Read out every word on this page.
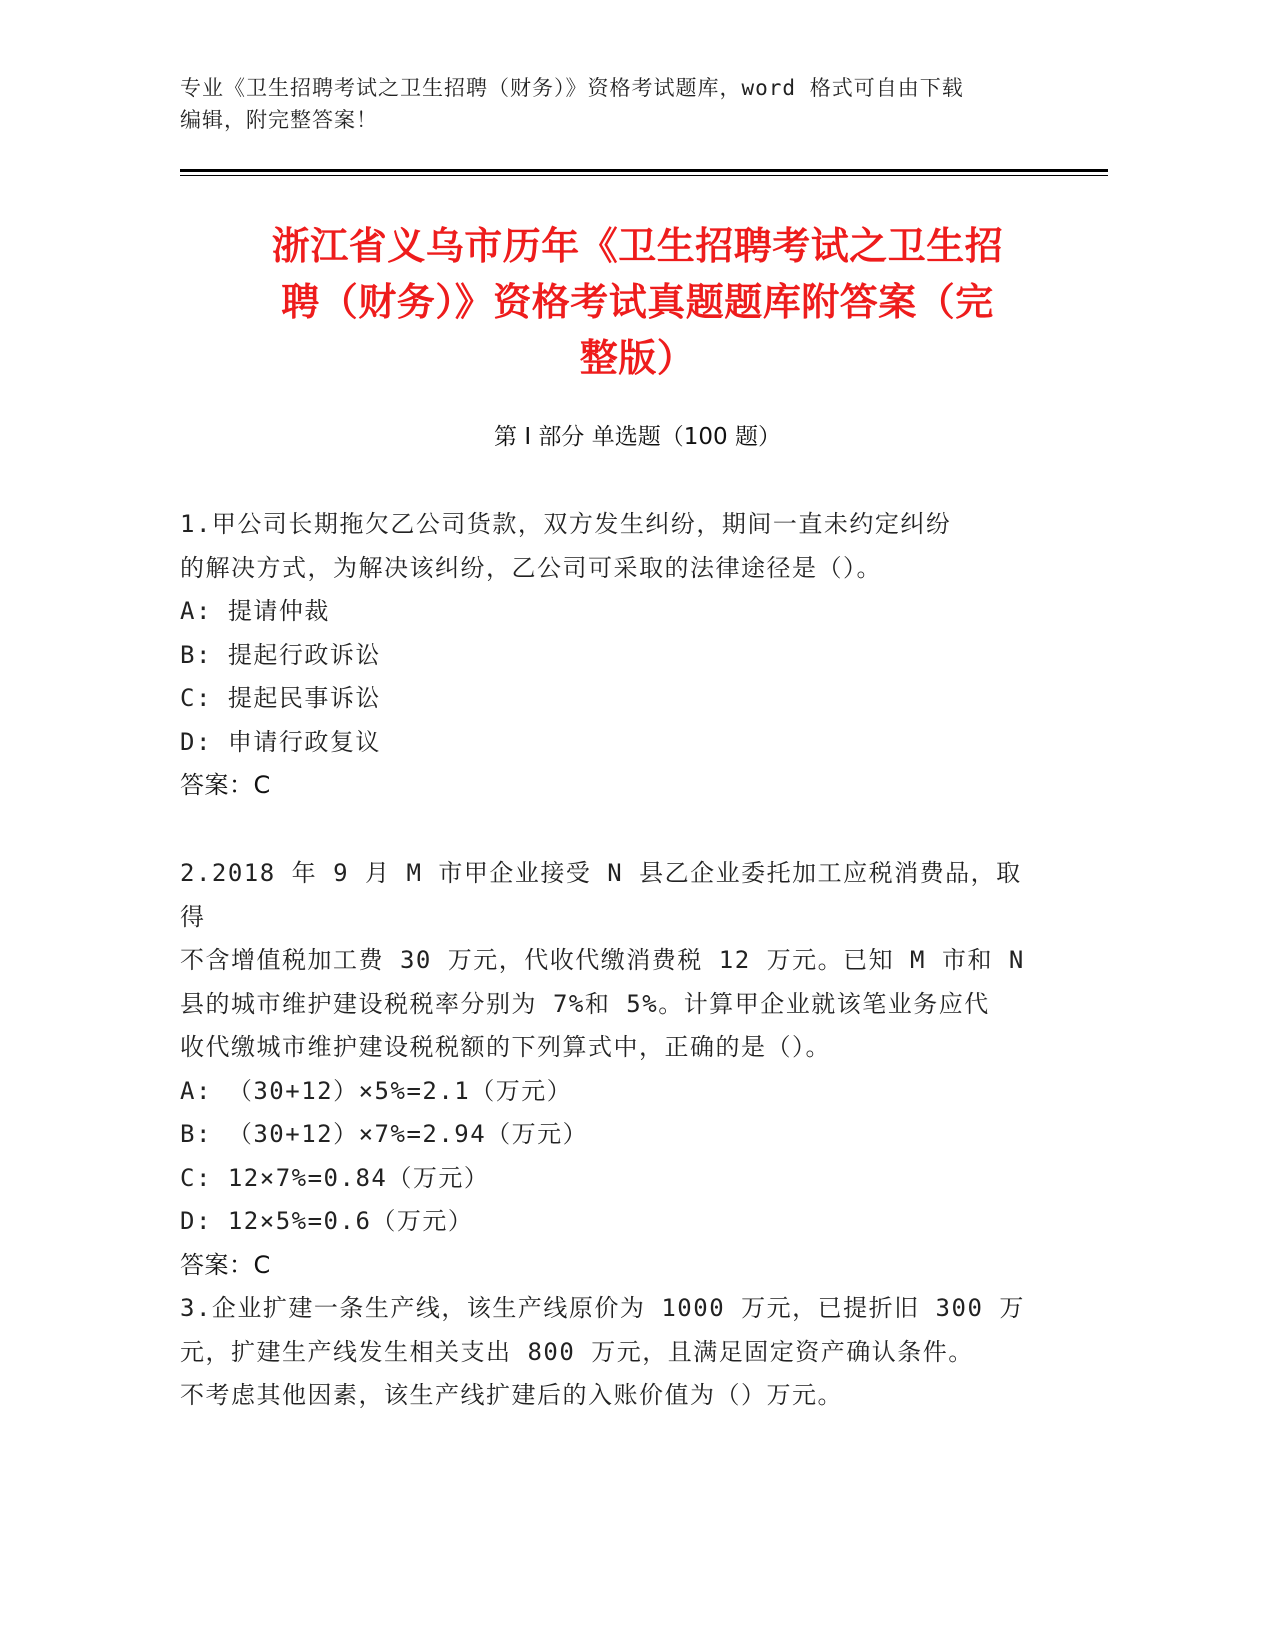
专业《卫生招聘考试之卫生招聘（财务）》资格考试题库，word 格式可自由下载
编辑，附完整答案！
浙江省义乌市历年《卫生招聘考试之卫生招
聘（财务）》资格考试真题题库附答案（完
整版）
第 I 部分 单选题（100 题）

1.甲公司长期拖欠乙公司货款，双方发生纠纷，期间一直未约定纠纷

的解决方式，为解决该纠纷，乙公司可采取的法律途径是（）。

A: 提请仲裁

B: 提起行政诉讼

C: 提起民事诉讼

D: 申请行政复议

答案：C

2.2018 年 9 月 M 市甲企业接受 N 县乙企业委托加工应税消费品，取得

不含增值税加工费 30 万元，代收代缴消费税 12 万元。已知 M 市和 N

县的城市维护建设税税率分别为 7%和 5%。计算甲企业就该笔业务应代

收代缴城市维护建设税税额的下列算式中，正确的是（）。

A: （30+12）×5%=2.1（万元）

B: （30+12）×7%=2.94（万元）

C: 12×7%=0.84（万元）

D: 12×5%=0.6（万元）

答案：C

3.企业扩建一条生产线，该生产线原价为 1000 万元，已提折旧 300 万

元，扩建生产线发生相关支出 800 万元，且满足固定资产确认条件。

不考虑其他因素，该生产线扩建后的入账价值为（）万元。
